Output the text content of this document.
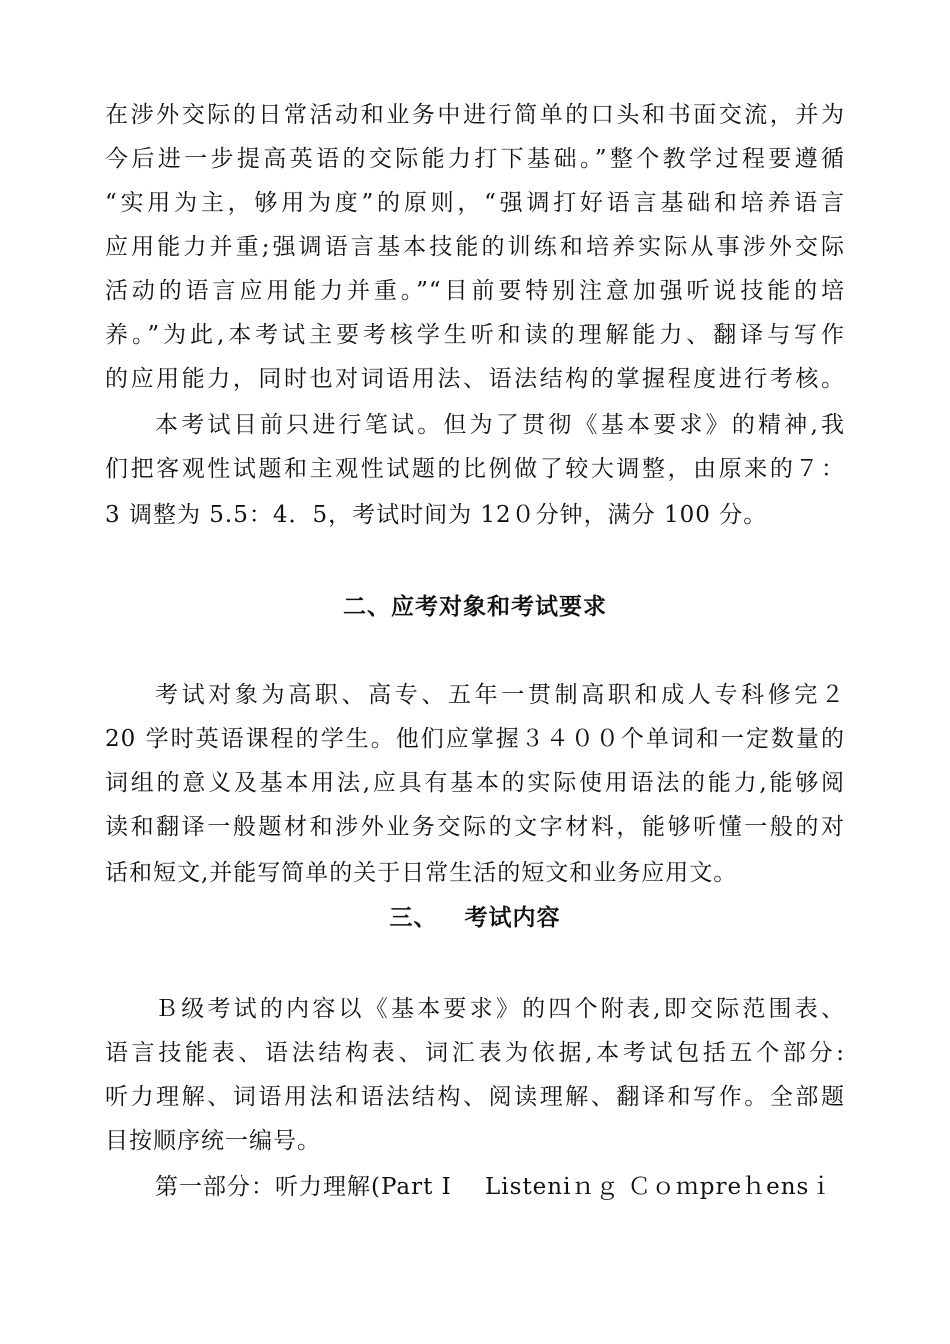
在涉外交际的日常活动和业务中进行简单的口头和书面交流，并为
今后进一步提高英语的交际能力打下基础。”整个教学过程要遵循
“实用为主，够用为度”的原则，“强调打好语言基础和培养语言
应用能力并重;强调语言基本技能的训练和培养实际从事涉外交际
活动的语言应用能力并重。”“目前要特别注意加强听说技能的培
养。”为此,本考试主要考核学生听和读的理解能力、翻译与写作
的应用能力，同时也对词语用法、语法结构的掌握程度进行考核。
本考试目前只进行笔试。但为了贯彻《基本要求》的精神,我
们把客观性试题和主观性试题的比例做了较大调整，由原来的７：
3 调整为 5.5：4．5，考试时间为 12０分钟，满分 100 分。
二、应考对象和考试要求
考试对象为高职、高专、五年一贯制高职和成人专科修完２
20 学时英语课程的学生。他们应掌握３４００个单词和一定数量的
词组的意义及基本用法,应具有基本的实际使用语法的能力,能够阅
读和翻译一般题材和涉外业务交际的文字材料，能够听懂一般的对
话和短文,并能写简单的关于日常生活的短文和业务应用文。
三、   考试内容
Ｂ级考试的内容以《基本要求》的四个附表,即交际范围表、
语言技能表、语法结构表、词汇表为依据,本考试包括五个部分:
听力理解、词语用法和语法结构、阅读理解、翻译和写作。全部题
目按顺序统一编号。
第一部分：听力理解(Part I    Listeniｎｇ Ｃｏｍpreｈensｉ
